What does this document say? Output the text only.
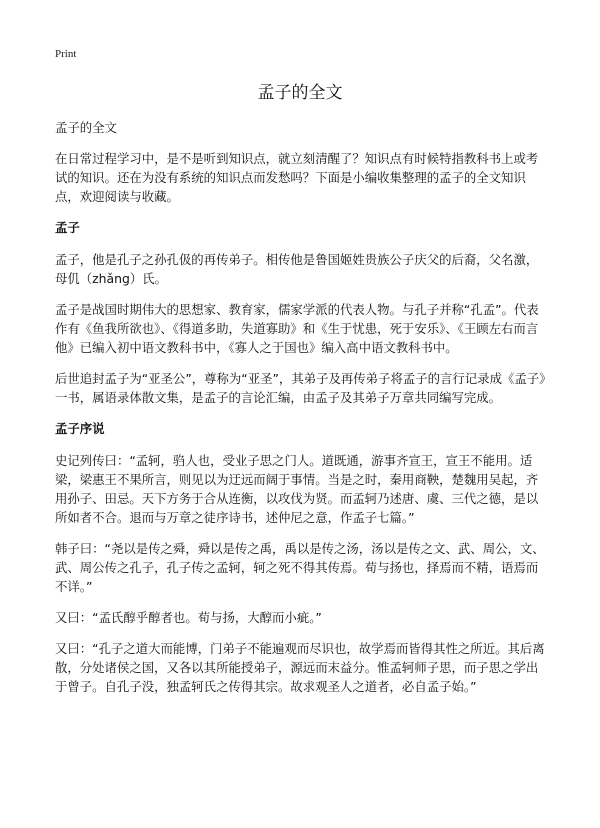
Print
孟子的全文

孟子的全文

在日常过程学习中，是不是听到知识点，就立刻清醒了？知识点有时候特指教科书上或考试的知识。还在为没有系统的知识点而发愁吗？下面是小编收集整理的孟子的全文知识点，欢迎阅读与收藏。

孟子

孟子，他是孔子之孙孔伋的再传弟子。相传他是鲁国姬姓贵族公子庆父的后裔，父名激，母仉（zhǎng）氏。

孟子是战国时期伟大的思想家、教育家，儒家学派的代表人物。与孔子并称“孔孟”。代表作有《鱼我所欲也》、《得道多助，失道寡助》和《生于忧患，死于安乐》、《王顾左右而言他》已编入初中语文教科书中，《寡人之于国也》编入高中语文教科书中。

后世追封孟子为“亚圣公”，尊称为“亚圣”，其弟子及再传弟子将孟子的言行记录成《孟子》一书，属语录体散文集，是孟子的言论汇编，由孟子及其弟子万章共同编写完成。

孟子序说

史记列传曰：“孟轲，驺人也，受业子思之门人。道既通，游事齐宣王，宣王不能用。适梁，梁惠王不果所言，则见以为迂远而阔于事情。当是之时，秦用商鞅，楚魏用吴起，齐用孙子、田忌。天下方务于合从连衡，以攻伐为贤。而孟轲乃述唐、虞、三代之德，是以所如者不合。退而与万章之徒序诗书，述仲尼之意，作孟子七篇。”

韩子曰：“尧以是传之舜，舜以是传之禹，禹以是传之汤，汤以是传之文、武、周公，文、武、周公传之孔子，孔子传之孟轲，轲之死不得其传焉。荀与扬也，择焉而不精，语焉而不详。”

又曰：“孟氏醇乎醇者也。荀与扬，大醇而小疵。”

又曰：“孔子之道大而能博，门弟子不能遍观而尽识也，故学焉而皆得其性之所近。其后离散，分处诸侯之国，又各以其所能授弟子，源远而末益分。惟孟轲师子思，而子思之学出于曾子。自孔子没，独孟轲氏之传得其宗。故求观圣人之道者，必自孟子始。”
